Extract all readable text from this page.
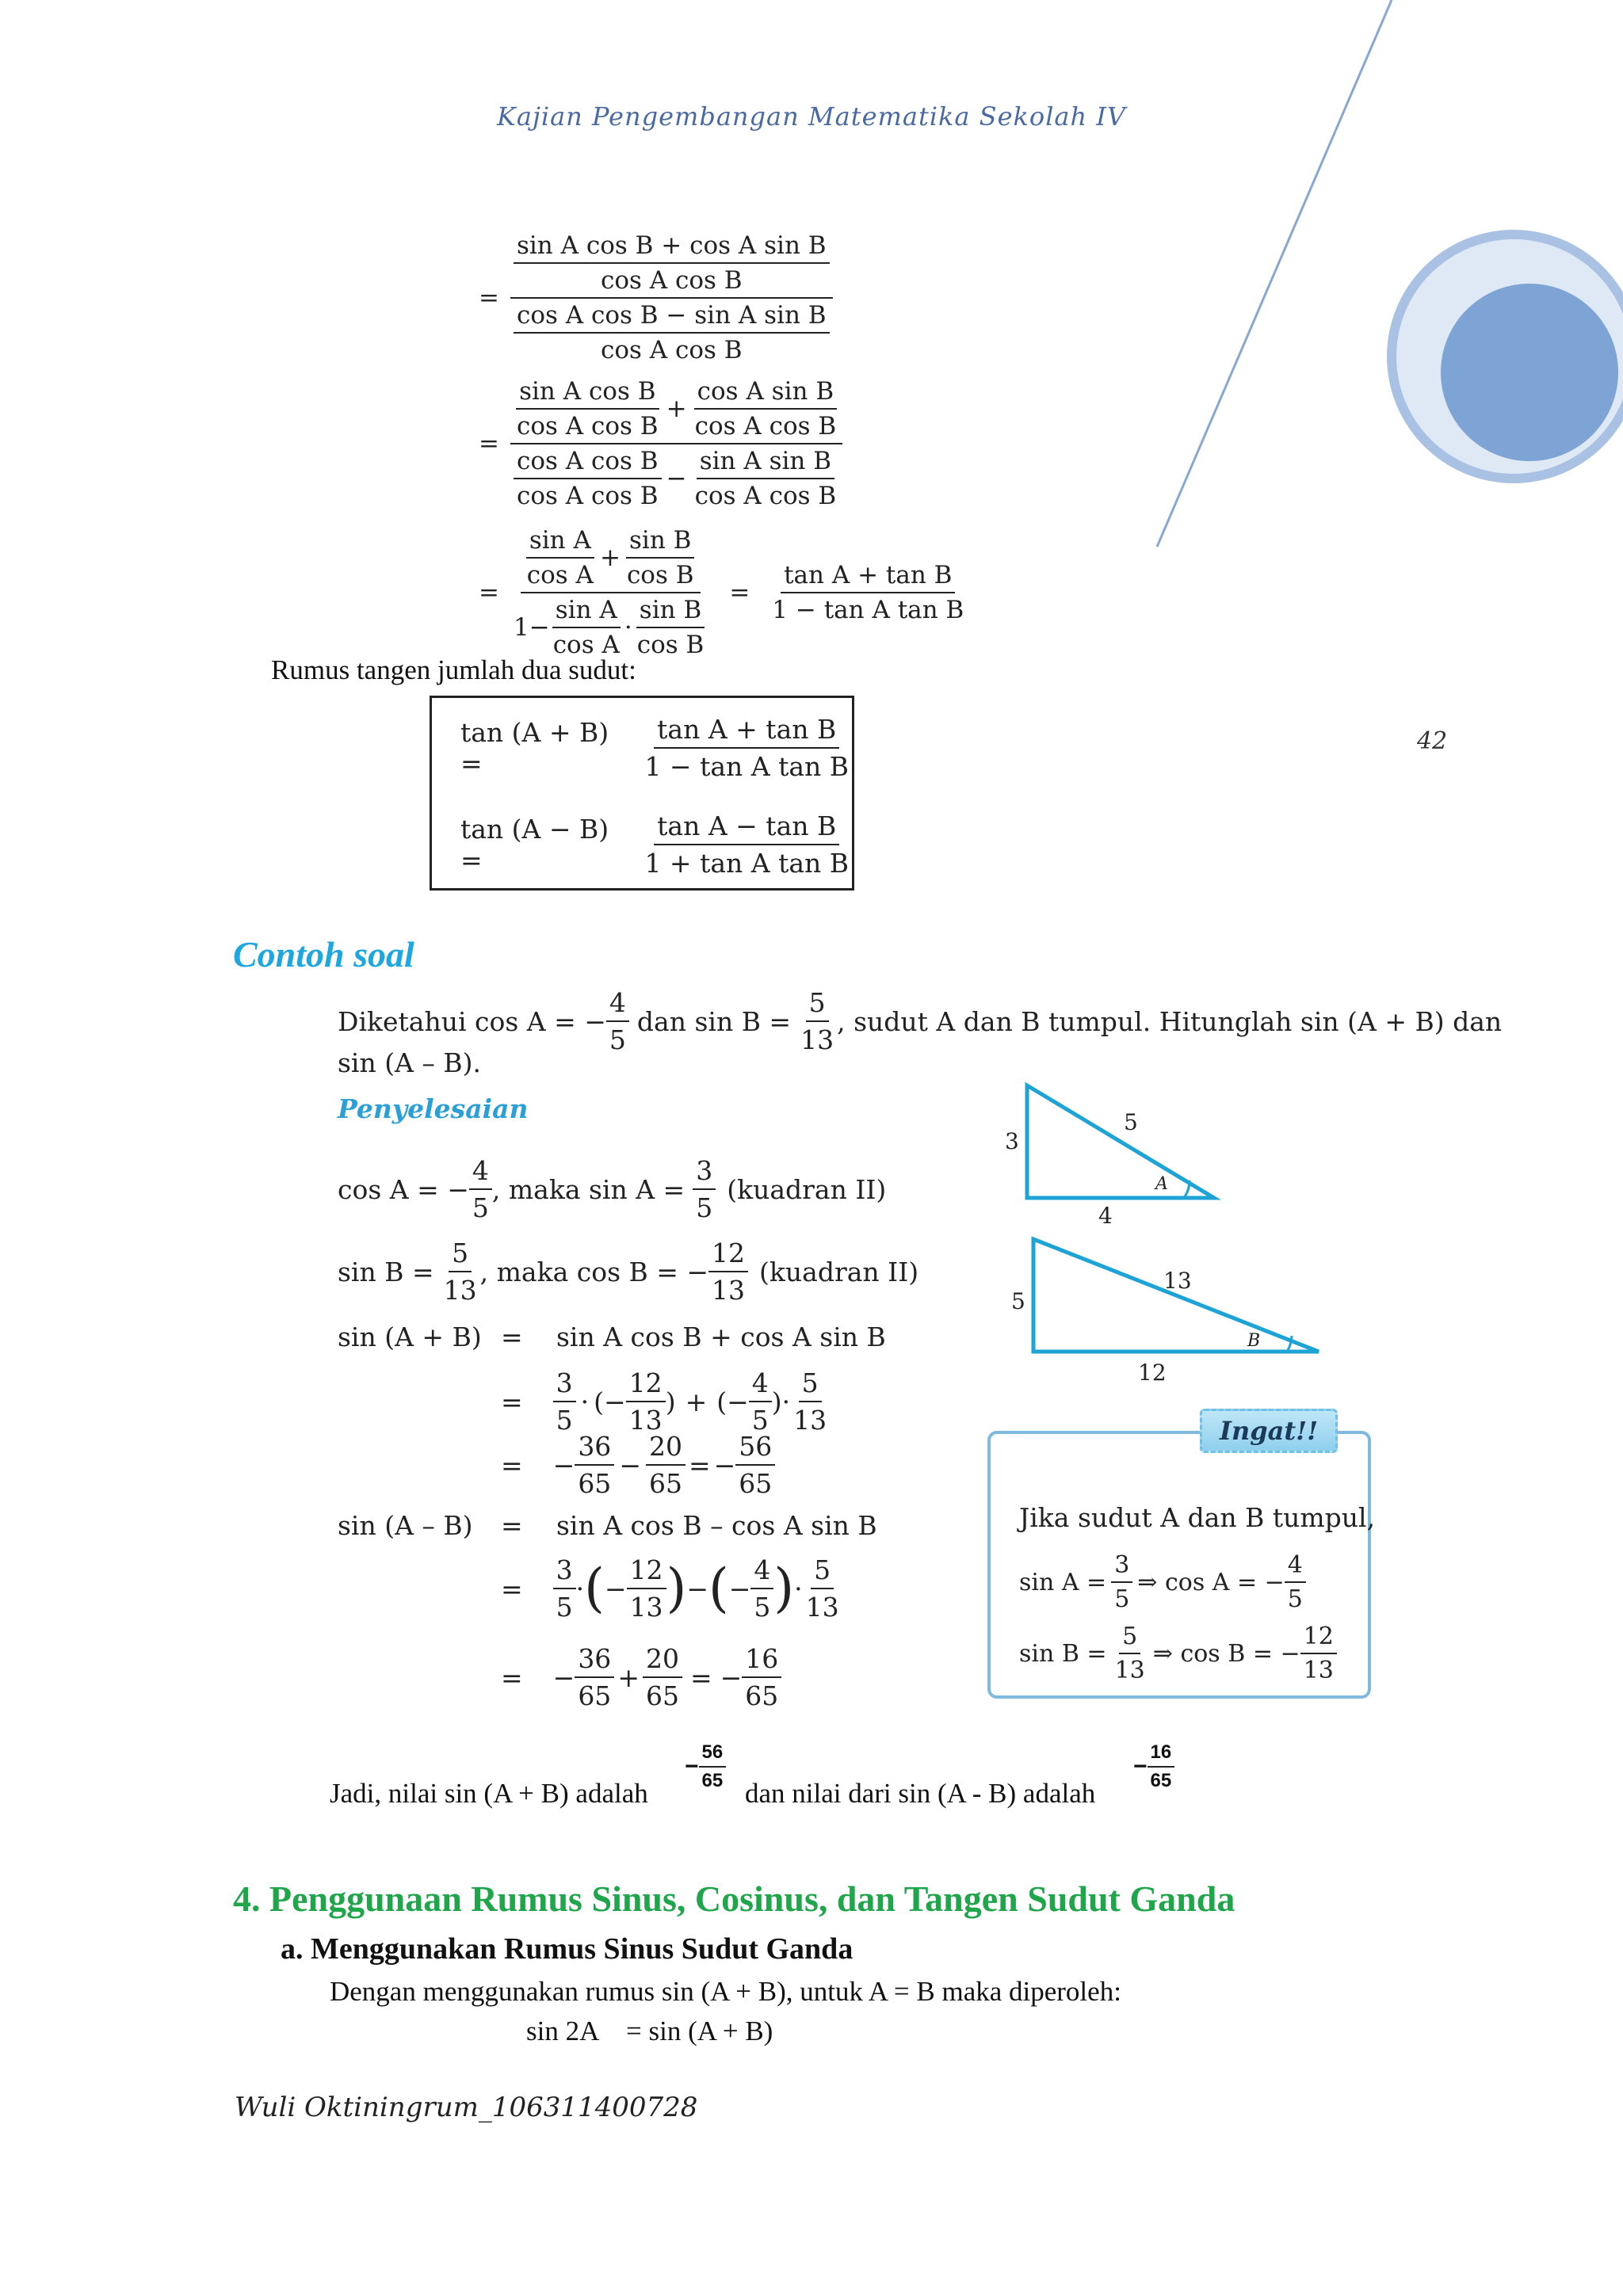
Kajian Pengembangan Matematika Sekolah IV
42
= $\frac{\frac{\text{sin A cos B + cos A sin B}}{\text{cos A cos B}}}{\frac{\text{cos A cos B − sin A sin B}}{\text{cos A cos B}}}$
= $\frac{\frac{\text{sin A cos B}}{\text{cos A cos B}} + \frac{\text{cos A sin B}}{\text{cos A cos B}}}{\frac{\text{cos A cos B}}{\text{cos A cos B}} - \frac{\text{sin A sin B}}{\text{cos A cos B}}}$
= $\frac{\frac{\text{sin A}}{\text{cos A}} + \frac{\text{sin B}}{\text{cos B}}}{1- \frac{\text{sin A}}{\text{cos A}} \cdot \frac{\text{sin B}}{\text{cos B}}} = \frac{\text{tan A + tan B}}{\text{1 − tan A tan B}}$
Rumus tangen jumlah dua sudut:
tan (A + B) =	$\frac{\text{tan A + tan B}}{\text{1 − tan A tan B}}$
tan (A − B) =	$\frac{\text{tan A − tan B}}{\text{1 + tan A tan B}}$
Contoh soal
Diketahui cos A = − $\frac{4}{5}$ dan $\sin B = \frac{5}{13}$ , sudut A dan B tumpul. Hitunglah sin (A + B) dan
sin (A – B).
Penyelesaian
cos A = − $\frac{4}{5}$ , maka $\sin A = \frac{3}{5}$ (kuadran II)
$\sin B = \frac{5}{13}$ , maka cos B = − $\frac{12}{13}$ (kuadran II)
sin (A + B) = sin A cos B + cos A sin B
= $\frac{3}{5}$ · (− $\frac{12}{13}$ ) + (− $\frac{4}{5}$ )· $\frac{5}{13}$
= − $\frac{36}{65} - \frac{20}{65}$ = − $\frac{56}{65}$
sin (A – B) = sin A cos B – cos A sin B
= $\frac{3}{5}$ · ( − $\frac{12}{13}$ ) − ( − $\frac{4}{5}$ ) · $\frac{5}{13}$
= − $\frac{36}{65} + \frac{20}{65}$ = − $\frac{16}{65}$
3
5
4
A
5
13
12
B
Ingat!!
Jika sudut A dan B tumpul,
$\sin A = \frac{3}{5}$ ⇒ cos A = − $\frac{4}{5}$
$\sin B = \frac{5}{13}$ ⇒ cos B = − $\frac{12}{13}$
Jadi, nilai sin (A + B) adalah
− $\frac{56}{65}$
dan nilai dari sin (A - B) adalah
− $\frac{16}{65}$
4. Penggunaan Rumus Sinus, Cosinus, dan Tangen Sudut Ganda
a. Menggunakan Rumus Sinus Sudut Ganda
Dengan menggunakan rumus sin (A + B), untuk A = B maka diperoleh:
sin 2A = sin (A + B)
Wuli Oktiningrum_106311400728
